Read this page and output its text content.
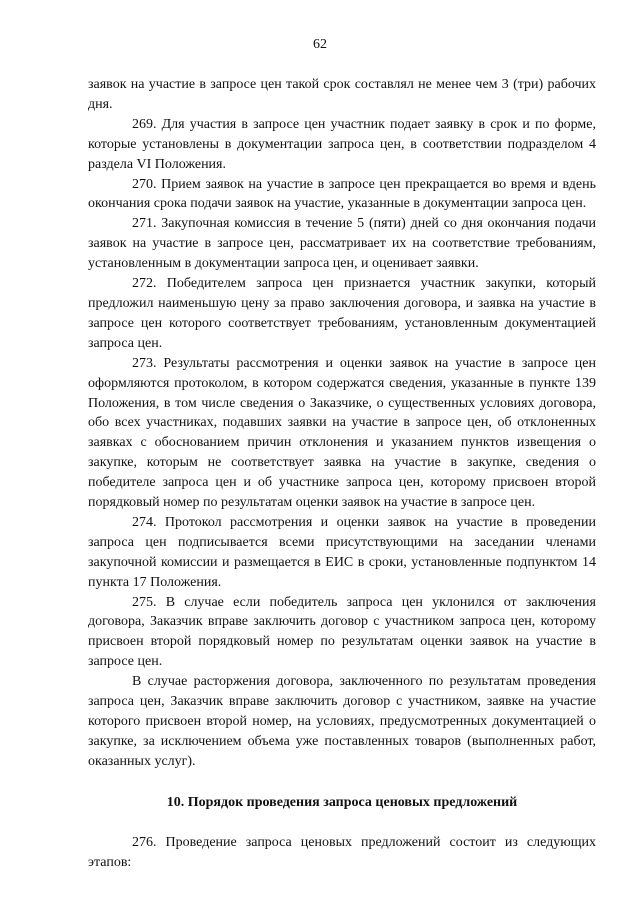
62

заявок на участие в запросе цен такой срок составлял не менее чем 3 (три) рабочих дня.

269. Для участия в запросе цен участник подает заявку в срок и по форме, которые установлены в документации запроса цен, в соответствии подразделом 4 раздела VI Положения.

270. Прием заявок на участие в запросе цен прекращается во время и вдень окончания срока подачи заявок на участие, указанные в документации запроса цен.

271. Закупочная комиссия в течение 5 (пяти) дней со дня окончания подачи заявок на участие в запросе цен, рассматривает их на соответствие требованиям, установленным в документации запроса цен, и оценивает заявки.

272. Победителем запроса цен признается участник закупки, который предложил наименьшую цену за право заключения договора, и заявка на участие в запросе цен которого соответствует требованиям, установленным документацией запроса цен.

273. Результаты рассмотрения и оценки заявок на участие в запросе цен оформляются протоколом, в котором содержатся сведения, указанные в пункте 139 Положения, в том числе сведения о Заказчике, о существенных условиях договора, обо всех участниках, подавших заявки на участие в запросе цен, об отклоненных заявках с обоснованием причин отклонения и указанием пунктов извещения о закупке, которым не соответствует заявка на участие в закупке, сведения о победителе запроса цен и об участнике запроса цен, которому присвоен второй порядковый номер по результатам оценки заявок на участие в запросе цен.

274. Протокол рассмотрения и оценки заявок на участие в проведении запроса цен подписывается всеми присутствующими на заседании членами закупочной комиссии и размещается в ЕИС в сроки, установленные подпунктом 14 пункта 17 Положения.

275. В случае если победитель запроса цен уклонился от заключения договора, Заказчик вправе заключить договор с участником запроса цен, которому присвоен второй порядковый номер по результатам оценки заявок на участие в запросе цен.

В случае расторжения договора, заключенного по результатам проведения запроса цен, Заказчик вправе заключить договор с участником, заявке на участие которого присвоен второй номер, на условиях, предусмотренных документацией о закупке, за исключением объема уже поставленных товаров (выполненных работ, оказанных услуг).

10. Порядок проведения запроса ценовых предложений

276. Проведение запроса ценовых предложений состоит из следующих этапов:
